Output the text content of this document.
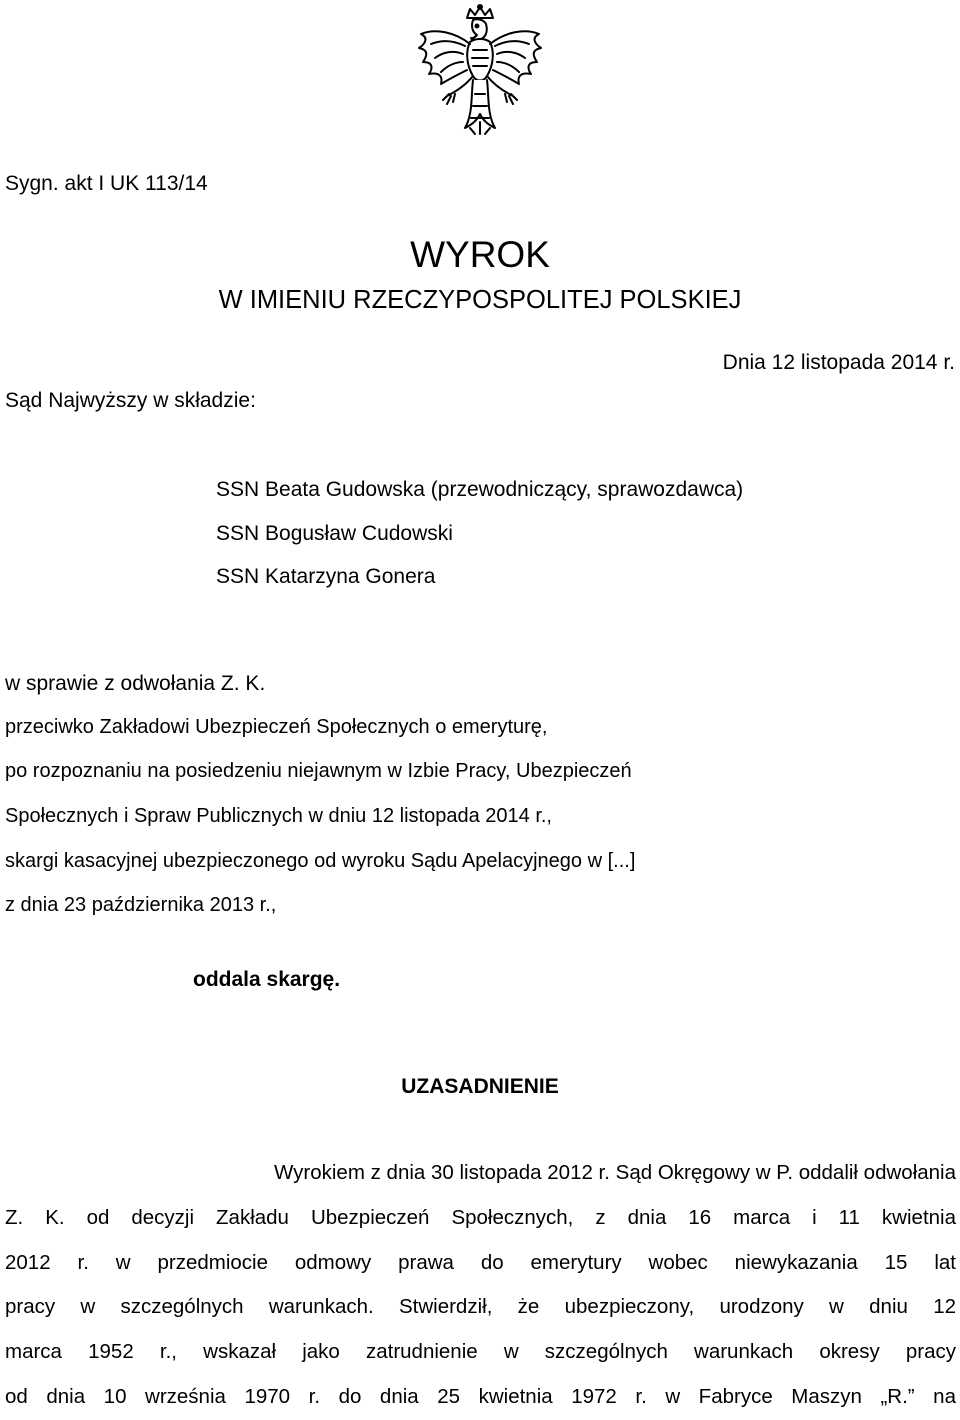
Sygn. akt I UK 113/14
WYROK
W IMIENIU RZECZYPOSPOLITEJ POLSKIEJ
Dnia 12 listopada 2014 r.
Sąd Najwyższy w składzie:
SSN Beata Gudowska (przewodniczący, sprawozdawca)
SSN Bogusław Cudowski
SSN Katarzyna Gonera
w sprawie z odwołania Z. K.
przeciwko Zakładowi Ubezpieczeń Społecznych o emeryturę,
po rozpoznaniu na posiedzeniu niejawnym w Izbie Pracy, Ubezpieczeń
Społecznych i Spraw Publicznych w dniu 12 listopada 2014 r.,
skargi kasacyjnej ubezpieczonego od wyroku Sądu Apelacyjnego w [...]
z dnia 23 października 2013 r.,
oddala skargę.
UZASADNIENIE
Wyrokiem z dnia 30 listopada 2012 r. Sąd Okręgowy w P. oddalił odwołania
Z. K. od decyzji Zakładu Ubezpieczeń Społecznych, z dnia 16 marca i 11 kwietnia
2012 r. w przedmiocie odmowy prawa do emerytury wobec niewykazania 15 lat
pracy w szczególnych warunkach. Stwierdził, że ubezpieczony, urodzony w dniu 12
marca 1952 r., wskazał jako zatrudnienie w szczególnych warunkach okresy pracy
od dnia 10 września 1970 r. do dnia 25 kwietnia 1972 r. w Fabryce Maszyn „R.” na
